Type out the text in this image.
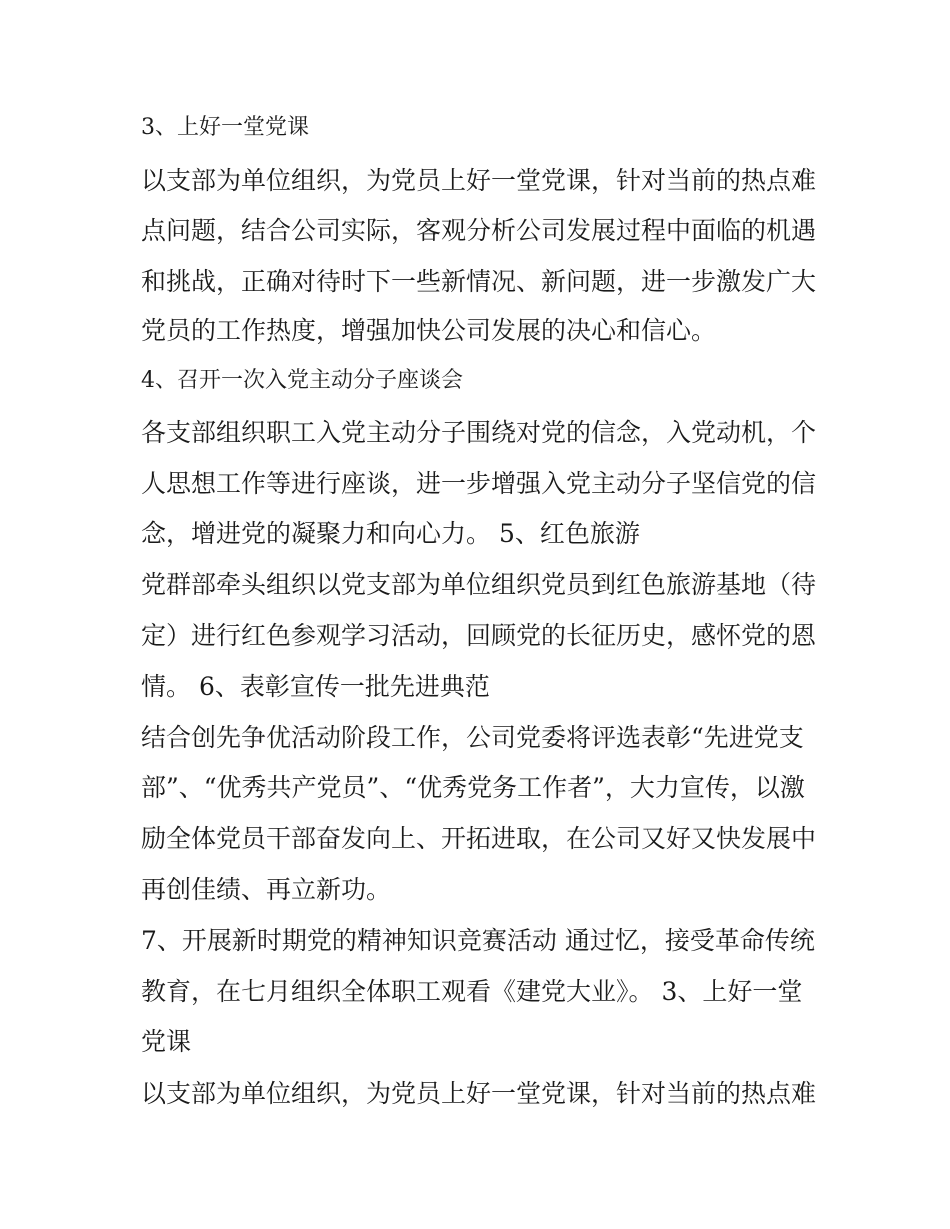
3、上好一堂党课
以支部为单位组织，为党员上好一堂党课，针对当前的热点难
点问题，结合公司实际，客观分析公司发展过程中面临的机遇
和挑战，正确对待时下一些新情况、新问题，进一步激发广大
党员的工作热度，增强加快公司发展的决心和信心。
4、召开一次入党主动分子座谈会
各支部组织职工入党主动分子围绕对党的信念，入党动机，个
人思想工作等进行座谈，进一步增强入党主动分子坚信党的信
念，增进党的凝聚力和向心力。 5、红色旅游
党群部牵头组织以党支部为单位组织党员到红色旅游基地（待
定）进行红色参观学习活动，回顾党的长征历史，感怀党的恩
情。 6、表彰宣传一批先进典范
结合创先争优活动阶段工作，公司党委将评选表彰“先进党支
部”、“优秀共产党员”、“优秀党务工作者”，大力宣传，以激
励全体党员干部奋发向上、开拓进取，在公司又好又快发展中
再创佳绩、再立新功。
7、开展新时期党的精神知识竞赛活动 通过忆，接受革命传统
教育，在七月组织全体职工观看《建党大业》。 3、上好一堂
党课
以支部为单位组织，为党员上好一堂党课，针对当前的热点难
